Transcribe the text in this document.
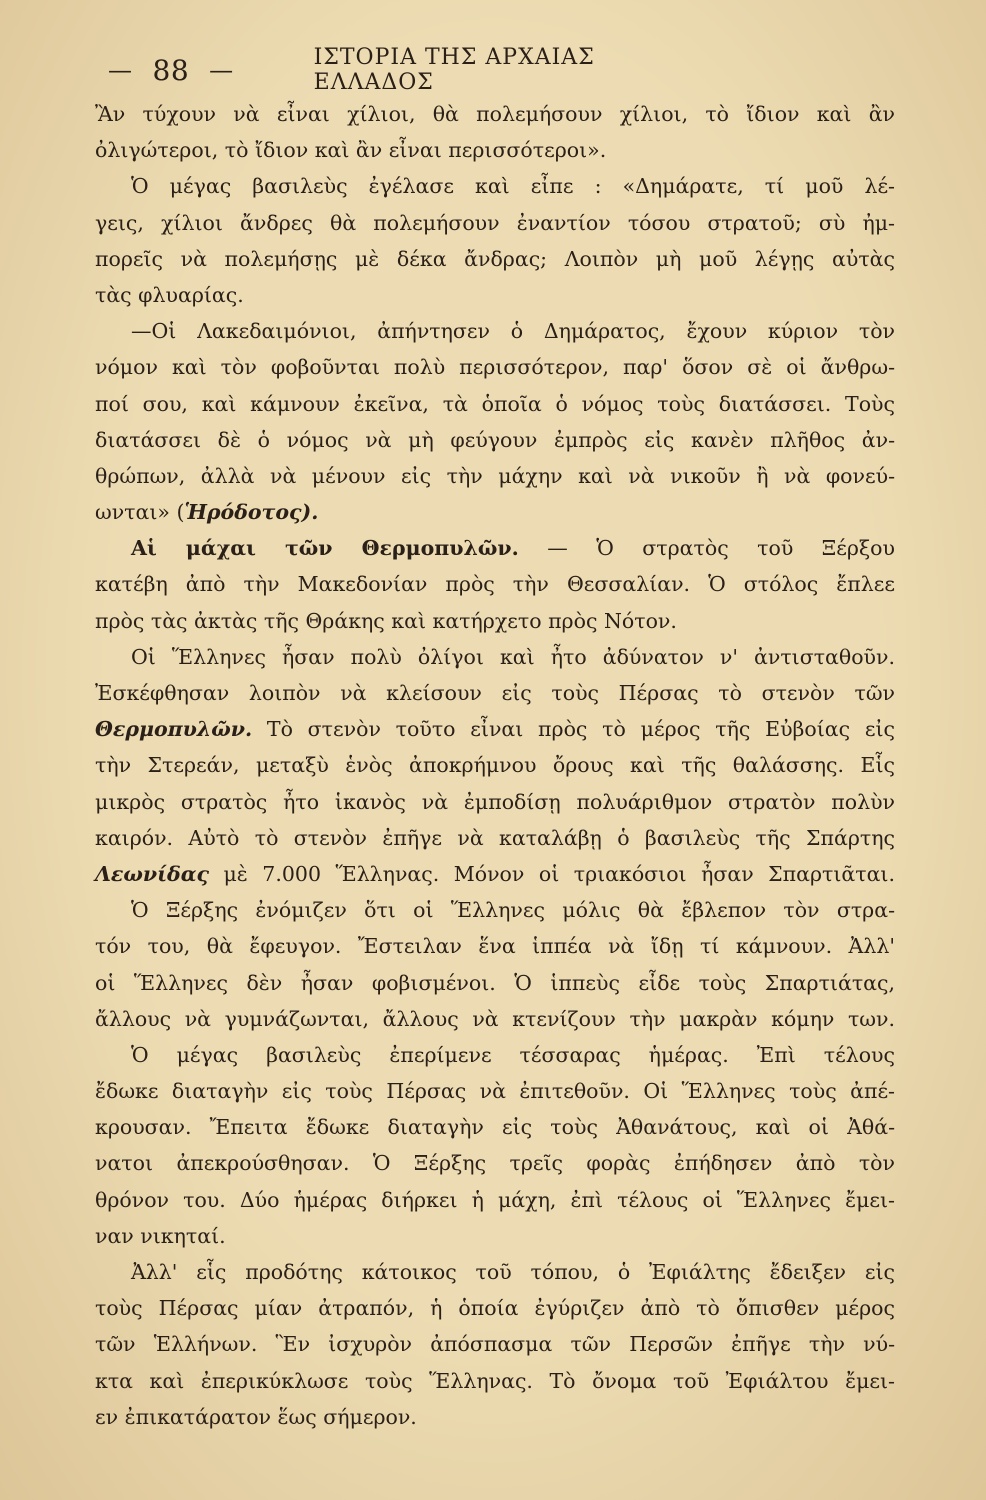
— 88 —	ΙΣΤΟΡΙΑ ΤΗΣ ΑΡΧΑΙΑΣ ΕΛΛΑΔΟΣ
Ἂν τύχουν νὰ εἶναι χίλιοι, θὰ πολεμήσουν χίλιοι, τὸ ἴδιον καὶ ἂν
ὀλιγώτεροι, τὸ ἴδιον καὶ ἂν εἶναι περισσότεροι».
Ὁ μέγας βασιλεὺς ἐγέλασε καὶ εἶπε : «Δημάρατε, τί μοῦ λέ-
γεις, χίλιοι ἄνδρες θὰ πολεμήσουν ἐναντίον τόσου στρατοῦ; σὺ ἠμ-
πορεῖς νὰ πολεμήσῃς μὲ δέκα ἄνδρας; Λοιπὸν μὴ μοῦ λέγῃς αὐτὰς
τὰς φλυαρίας.
—Οἱ Λακεδαιμόνιοι, ἀπήντησεν ὁ Δημάρατος, ἔχουν κύριον τὸν
νόμον καὶ τὸν φοβοῦνται πολὺ περισσότερον, παρ' ὅσον σὲ οἱ ἄνθρω-
ποί σου, καὶ κάμνουν ἐκεῖνα, τὰ ὁποῖα ὁ νόμος τοὺς διατάσσει. Τοὺς
διατάσσει δὲ ὁ νόμος νὰ μὴ φεύγουν ἐμπρὸς εἰς κανὲν πλῆθος ἀν-
θρώπων, ἀλλὰ νὰ μένουν εἰς τὴν μάχην καὶ νὰ νικοῦν ἢ νὰ φονεύ-
ωνται» (Ἡρόδοτος).
Αἱ μάχαι τῶν Θερμοπυλῶν. — Ὁ στρατὸς τοῦ Ξέρξου
κατέβη ἀπὸ τὴν Μακεδονίαν πρὸς τὴν Θεσσαλίαν. Ὁ στόλος ἔπλεε
πρὸς τὰς ἀκτὰς τῆς Θράκης καὶ κατήρχετο πρὸς Νότον.
Οἱ Ἕλληνες ἦσαν πολὺ ὀλίγοι καὶ ἦτο ἀδύνατον ν' ἀντισταθοῦν.
Ἐσκέφθησαν λοιπὸν νὰ κλείσουν εἰς τοὺς Πέρσας τὸ στενὸν τῶν
Θερμοπυλῶν. Τὸ στενὸν τοῦτο εἶναι πρὸς τὸ μέρος τῆς Εὐβοίας εἰς
τὴν Στερεάν, μεταξὺ ἑνὸς ἀποκρήμνου ὄρους καὶ τῆς θαλάσσης. Εἷς
μικρὸς στρατὸς ἦτο ἱκανὸς νὰ ἐμποδίσῃ πολυάριθμον στρατὸν πολὺν
καιρόν. Αὐτὸ τὸ στενὸν ἐπῆγε νὰ καταλάβῃ ὁ βασιλεὺς τῆς Σπάρτης
Λεωνίδας μὲ 7.000 Ἕλληνας. Μόνον οἱ τριακόσιοι ἦσαν Σπαρτιᾶται.
Ὁ Ξέρξης ἐνόμιζεν ὅτι οἱ Ἕλληνες μόλις θὰ ἔβλεπον τὸν στρα-
τόν του, θὰ ἔφευγον. Ἔστειλαν ἕνα ἱππέα νὰ ἴδῃ τί κάμνουν. Ἀλλ'
οἱ Ἕλληνες δὲν ἦσαν φοβισμένοι. Ὁ ἱππεὺς εἶδε τοὺς Σπαρτιάτας,
ἄλλους νὰ γυμνάζωνται, ἄλλους νὰ κτενίζουν τὴν μακρὰν κόμην των.
Ὁ μέγας βασιλεὺς ἐπερίμενε τέσσαρας ἡμέρας. Ἐπὶ τέλους
ἔδωκε διαταγὴν εἰς τοὺς Πέρσας νὰ ἐπιτεθοῦν. Οἱ Ἕλληνες τοὺς ἀπέ-
κρουσαν. Ἔπειτα ἔδωκε διαταγὴν εἰς τοὺς Ἀθανάτους, καὶ οἱ Ἀθά-
νατοι ἀπεκρούσθησαν. Ὁ Ξέρξης τρεῖς φορὰς ἐπήδησεν ἀπὸ τὸν
θρόνον του. Δύο ἡμέρας διήρκει ἡ μάχη, ἐπὶ τέλους οἱ Ἕλληνες ἔμει-
ναν νικηταί.
Ἀλλ' εἷς προδότης κάτοικος τοῦ τόπου, ὁ Ἐφιάλτης ἔδειξεν εἰς
τοὺς Πέρσας μίαν ἀτραπόν, ἡ ὁποία ἐγύριζεν ἀπὸ τὸ ὄπισθεν μέρος
τῶν Ἑλλήνων. Ἓν ἰσχυρὸν ἀπόσπασμα τῶν Περσῶν ἐπῆγε τὴν νύ-
κτα καὶ ἐπερικύκλωσε τοὺς Ἕλληνας. Τὸ ὄνομα τοῦ Ἐφιάλτου ἔμει-
εν ἐπικατάρατον ἕως σήμερον.
